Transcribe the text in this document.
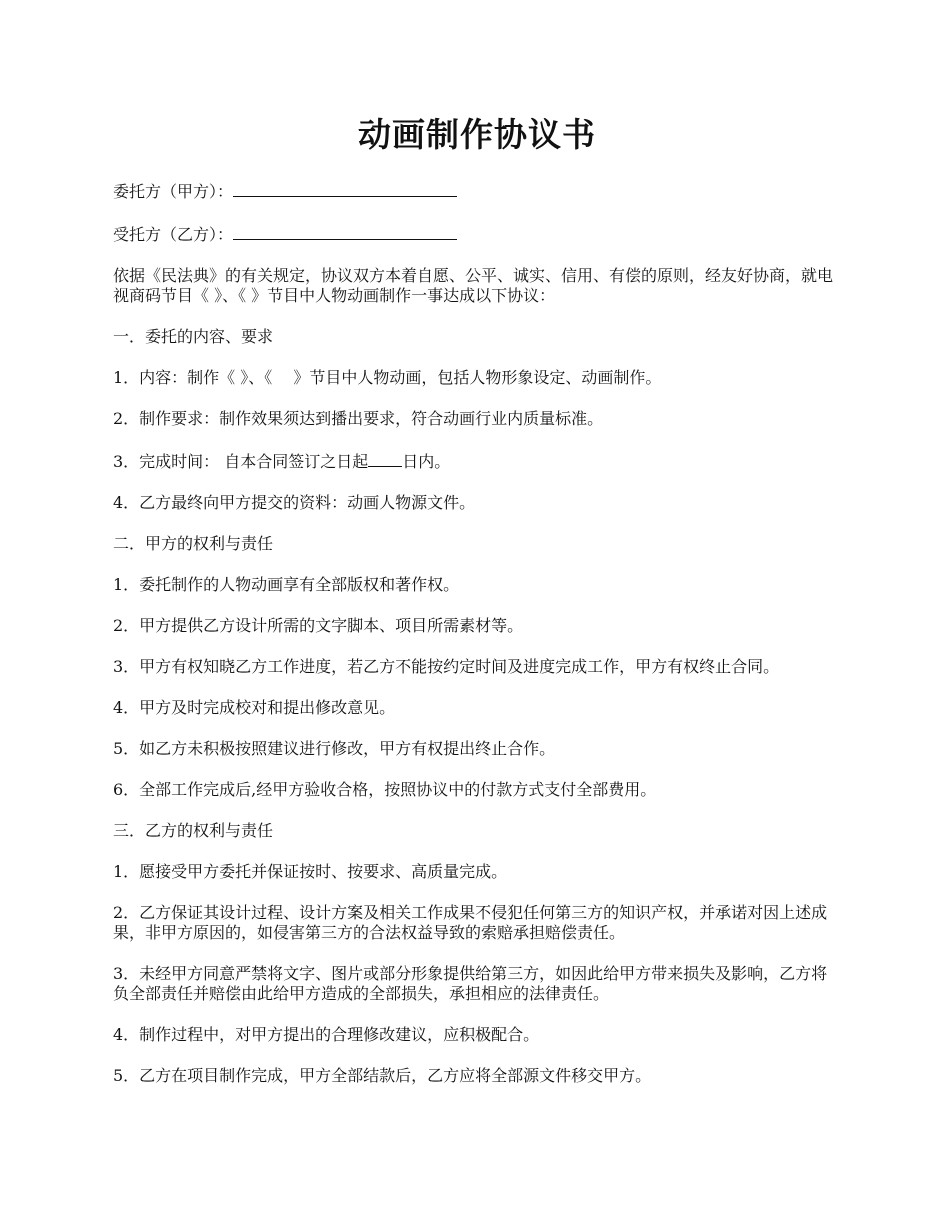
动画制作协议书
委托方（甲方）：
受托方（乙方）：

依据《民法典》的有关规定，协议双方本着自愿、公平、诚实、信用、有偿的原则，经友好协商，就电视商码节目《 》、《 》节目中人物动画制作一事达成以下协议：

一．委托的内容、要求

1．内容：制作《 》、《　 》节目中人物动画，包括人物形象设定、动画制作。

2．制作要求：制作效果须达到播出要求，符合动画行业内质量标准。

3．完成时间： 自本合同签订之日起 日内。

4．乙方最终向甲方提交的资料：动画人物源文件。

二．甲方的权利与责任

1．委托制作的人物动画享有全部版权和著作权。

2．甲方提供乙方设计所需的文字脚本、项目所需素材等。

3．甲方有权知晓乙方工作进度，若乙方不能按约定时间及进度完成工作，甲方有权终止合同。

4．甲方及时完成校对和提出修改意见。

5．如乙方未积极按照建议进行修改，甲方有权提出终止合作。

6．全部工作完成后,经甲方验收合格，按照协议中的付款方式支付全部费用。

三．乙方的权利与责任

1．愿接受甲方委托并保证按时、按要求、高质量完成。

2．乙方保证其设计过程、设计方案及相关工作成果不侵犯任何第三方的知识产权，并承诺对因上述成果，非甲方原因的，如侵害第三方的合法权益导致的索赔承担赔偿责任。

3．未经甲方同意严禁将文字、图片或部分形象提供给第三方，如因此给甲方带来损失及影响，乙方将负全部责任并赔偿由此给甲方造成的全部损失，承担相应的法律责任。

4．制作过程中，对甲方提出的合理修改建议，应积极配合。

5．乙方在项目制作完成，甲方全部结款后，乙方应将全部源文件移交甲方。
